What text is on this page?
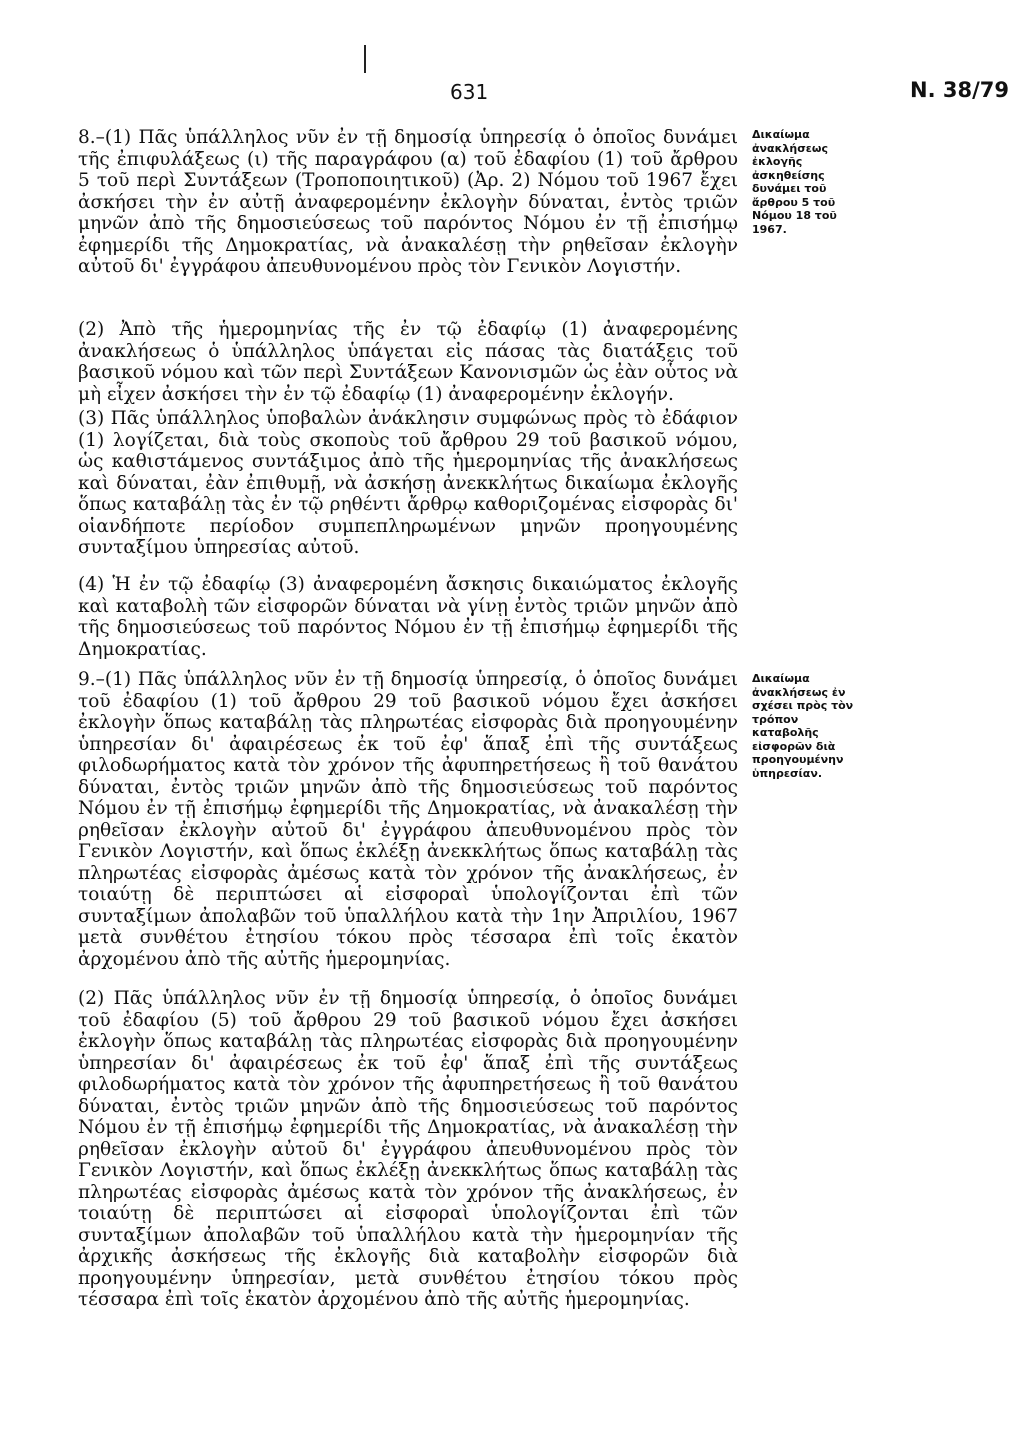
631	Ν. 38/79

8.–(1) Πᾶς ὑπάλληλος νῦν ἐν τῇ δημοσίᾳ ὑπηρεσίᾳ ὁ ὁποῖος δυνάμει τῆς ἐπιφυλάξεως (ι) τῆς παραγράφου (α) τοῦ ἐδαφίου (1) τοῦ ἄρθρου 5 τοῦ περὶ Συντάξεων (Τροποποιητικοῦ) (Ἀρ. 2) Νόμου τοῦ 1967 ἔχει ἀσκήσει τὴν ἐν αὐτῇ ἀναφερομένην ἐκλογὴν δύναται, ἐντὸς τριῶν μηνῶν ἀπὸ τῆς δημοσιεύσεως τοῦ παρόντος Νόμου ἐν τῇ ἐπισήμῳ ἐφημερίδι τῆς Δημοκρατίας, νὰ ἀνακαλέσῃ τὴν ρηθεῖσαν ἐκλογὴν αὐτοῦ δι' ἐγγράφου ἀπευθυνομένου πρὸς τὸν Γενικὸν Λογιστήν.

(2) Ἀπὸ τῆς ἡμερομηνίας τῆς ἐν τῷ ἐδαφίῳ (1) ἀναφερομένης ἀνακλήσεως ὁ ὑπάλληλος ὑπάγεται εἰς πάσας τὰς διατάξεις τοῦ βασικοῦ νόμου καὶ τῶν περὶ Συντάξεων Κανονισμῶν ὡς ἐὰν οὗτος νὰ μὴ εἶχεν ἀσκήσει τὴν ἐν τῷ ἐδαφίῳ (1) ἀναφερομένην ἐκλογήν.

(3) Πᾶς ὑπάλληλος ὑποβαλὼν ἀνάκλησιν συμφώνως πρὸς τὸ ἐδάφιον (1) λογίζεται, διὰ τοὺς σκοποὺς τοῦ ἄρθρου 29 τοῦ βασικοῦ νόμου, ὡς καθιστάμενος συντάξιμος ἀπὸ τῆς ἡμερομηνίας τῆς ἀνακλήσεως καὶ δύναται, ἐὰν ἐπιθυμῇ, νὰ ἀσκήσῃ ἀνεκκλήτως δικαίωμα ἐκλογῆς ὅπως καταβάλῃ τὰς ἐν τῷ ρηθέντι ἄρθρῳ καθοριζομένας εἰσφορὰς δι' οἱανδήποτε περίοδον συμπεπληρωμένων μηνῶν προηγουμένης συνταξίμου ὑπηρεσίας αὐτοῦ.

(4) Ἡ ἐν τῷ ἐδαφίῳ (3) ἀναφερομένη ἄσκησις δικαιώματος ἐκλογῆς καὶ καταβολὴ τῶν εἰσφορῶν δύναται νὰ γίνῃ ἐντὸς τριῶν μηνῶν ἀπὸ τῆς δημοσιεύσεως τοῦ παρόντος Νόμου ἐν τῇ ἐπισήμῳ ἐφημερίδι τῆς Δημοκρατίας.

9.–(1) Πᾶς ὑπάλληλος νῦν ἐν τῇ δημοσίᾳ ὑπηρεσίᾳ, ὁ ὁποῖος δυνάμει τοῦ ἐδαφίου (1) τοῦ ἄρθρου 29 τοῦ βασικοῦ νόμου ἔχει ἀσκήσει ἐκλογὴν ὅπως καταβάλῃ τὰς πληρωτέας εἰσφορὰς διὰ προηγουμένην ὑπηρεσίαν δι' ἀφαιρέσεως ἐκ τοῦ ἐφ' ἅπαξ ἐπὶ τῆς συντάξεως φιλοδωρήματος κατὰ τὸν χρόνον τῆς ἀφυπηρετήσεως ἢ τοῦ θανάτου δύναται, ἐντὸς τριῶν μηνῶν ἀπὸ τῆς δημοσιεύσεως τοῦ παρόντος Νόμου ἐν τῇ ἐπισήμῳ ἐφημερίδι τῆς Δημοκρατίας, νὰ ἀνακαλέσῃ τὴν ρηθεῖσαν ἐκλογὴν αὐτοῦ δι' ἐγγράφου ἀπευθυνομένου πρὸς τὸν Γενικὸν Λογιστήν, καὶ ὅπως ἐκλέξῃ ἀνεκκλήτως ὅπως καταβάλῃ τὰς πληρωτέας εἰσφορὰς ἀμέσως κατὰ τὸν χρόνον τῆς ἀνακλήσεως, ἐν τοιαύτῃ δὲ περιπτώσει αἱ εἰσφοραὶ ὑπολογίζονται ἐπὶ τῶν συνταξίμων ἀπολαβῶν τοῦ ὑπαλλήλου κατὰ τὴν 1ην Ἀπριλίου, 1967 μετὰ συνθέτου ἐτησίου τόκου πρὸς τέσσαρα ἐπὶ τοῖς ἑκατὸν ἀρχομένου ἀπὸ τῆς αὐτῆς ἡμερομηνίας.

(2) Πᾶς ὑπάλληλος νῦν ἐν τῇ δημοσίᾳ ὑπηρεσίᾳ, ὁ ὁποῖος δυνάμει τοῦ ἐδαφίου (5) τοῦ ἄρθρου 29 τοῦ βασικοῦ νόμου ἔχει ἀσκήσει ἐκλογὴν ὅπως καταβάλῃ τὰς πληρωτέας εἰσφορὰς διὰ προηγουμένην ὑπηρεσίαν δι' ἀφαιρέσεως ἐκ τοῦ ἐφ' ἅπαξ ἐπὶ τῆς συντάξεως φιλοδωρήματος κατὰ τὸν χρόνον τῆς ἀφυπηρετήσεως ἢ τοῦ θανάτου δύναται, ἐντὸς τριῶν μηνῶν ἀπὸ τῆς δημοσιεύσεως τοῦ παρόντος Νόμου ἐν τῇ ἐπισήμῳ ἐφημερίδι τῆς Δημοκρατίας, νὰ ἀνακαλέσῃ τὴν ρηθεῖσαν ἐκλογὴν αὐτοῦ δι' ἐγγράφου ἀπευθυνομένου πρὸς τὸν Γενικὸν Λογιστήν, καὶ ὅπως ἐκλέξῃ ἀνεκκλήτως ὅπως καταβάλῃ τὰς πληρωτέας εἰσφορὰς ἀμέσως κατὰ τὸν χρόνον τῆς ἀνακλήσεως, ἐν τοιαύτῃ δὲ περιπτώσει αἱ εἰσφοραὶ ὑπολογίζονται ἐπὶ τῶν συνταξίμων ἀπολαβῶν τοῦ ὑπαλλήλου κατὰ τὴν ἡμερομηνίαν τῆς ἀρχικῆς ἀσκήσεως τῆς ἐκλογῆς διὰ καταβολὴν εἰσφορῶν διὰ προηγουμένην ὑπηρεσίαν, μετὰ συνθέτου ἐτησίου τόκου πρὸς τέσσαρα ἐπὶ τοῖς ἑκατὸν ἀρχομένου ἀπὸ τῆς αὐτῆς ἡμερομηνίας.

Δικαίωμα ἀνακλήσεως ἐκλογῆς ἀσκηθείσης δυνάμει τοῦ ἄρθρου 5 τοῦ Νόμου 18 τοῦ 1967.

Δικαίωμα ἀνακλήσεως ἐν σχέσει πρὸς τὸν τρόπον καταβολῆς εἰσφορῶν διὰ προηγουμένην ὑπηρεσίαν.
